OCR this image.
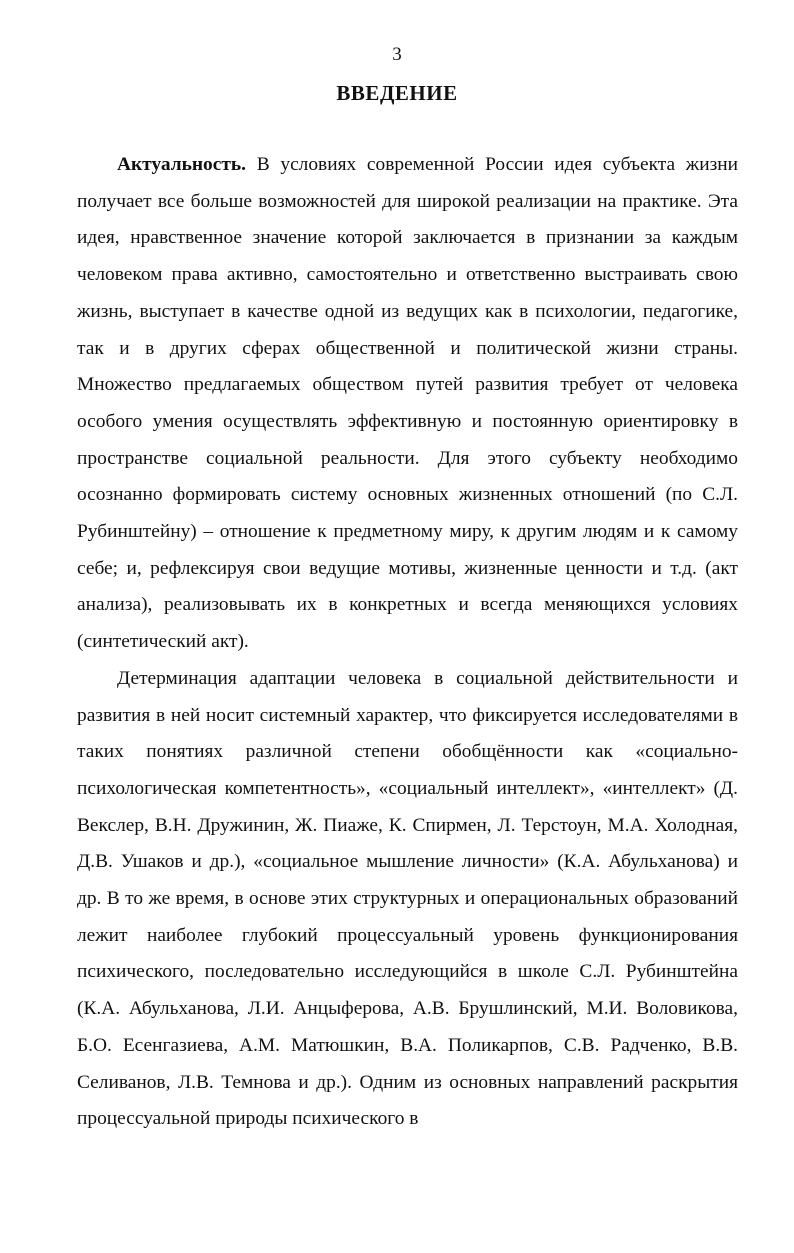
3
ВВЕДЕНИЕ

Актуальность. В условиях современной России идея субъекта жизни получает все больше возможностей для широкой реализации на практике. Эта идея, нравственное значение которой заключается в признании за каждым человеком права активно, самостоятельно и ответственно выстраивать свою жизнь, выступает в качестве одной из ведущих как в психологии, педагогике, так и в других сферах общественной и политической жизни страны. Множество предлагаемых обществом путей развития требует от человека особого умения осуществлять эффективную и постоянную ориентировку в пространстве социальной реальности. Для этого субъекту необходимо осознанно формировать систему основных жизненных отношений (по С.Л. Рубинштейну) – отношение к предметному миру, к другим людям и к самому себе; и, рефлексируя свои ведущие мотивы, жизненные ценности и т.д. (акт анализа), реализовывать их в конкретных и всегда меняющихся условиях (синтетический акт).

Детерминация адаптации человека в социальной действительности и развития в ней носит системный характер, что фиксируется исследователями в таких понятиях различной степени обобщённости как «социально-психологическая компетентность», «социальный интеллект», «интеллект» (Д. Векслер, В.Н. Дружинин, Ж. Пиаже, К. Спирмен, Л. Терстоун, М.А. Холодная, Д.В. Ушаков и др.), «социальное мышление личности» (К.А. Абульханова) и др. В то же время, в основе этих структурных и операциональных образований лежит наиболее глубокий процессуальный уровень функционирования психического, последовательно исследующийся в школе С.Л. Рубинштейна (К.А. Абульханова, Л.И. Анцыферова, А.В. Брушлинский, М.И. Воловикова, Б.О. Есенгазиева, А.М. Матюшкин, В.А. Поликарпов, С.В. Радченко, В.В. Селиванов, Л.В. Темнова и др.). Одним из основных направлений раскрытия процессуальной природы психического в
